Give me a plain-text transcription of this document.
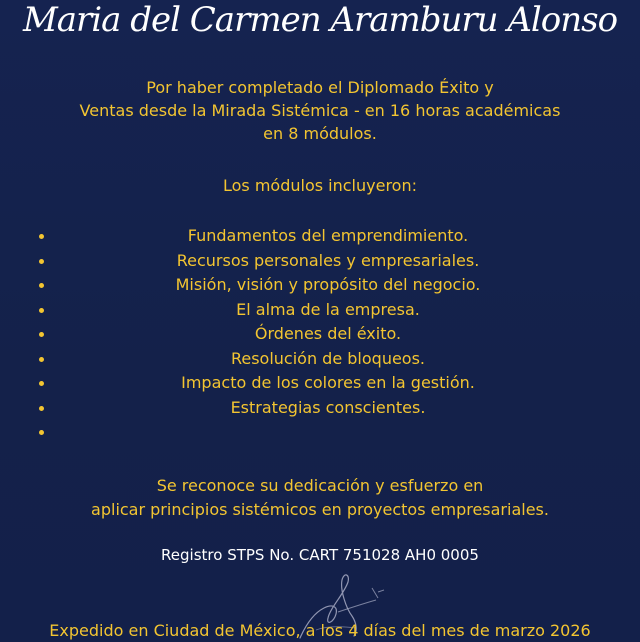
Maria del Carmen Aramburu Alonso
Por haber completado el Diplomado Éxito y
Ventas desde la Mirada Sistémica - en 16 horas académicas
en 8 módulos.
Los módulos incluyeron:
Fundamentos del emprendimiento.
Recursos personales y empresariales.
Misión, visión y propósito del negocio.
El alma de la empresa.
Órdenes del éxito.
Resolución de bloqueos.
Impacto de los colores en la gestión.
Estrategias conscientes.
Se reconoce su dedicación y esfuerzo en
aplicar principios sistémicos en proyectos empresariales.
Registro STPS No. CART 751028 AH0 0005
Expedido en Ciudad de México, a los 4 días del mes de marzo 2026
